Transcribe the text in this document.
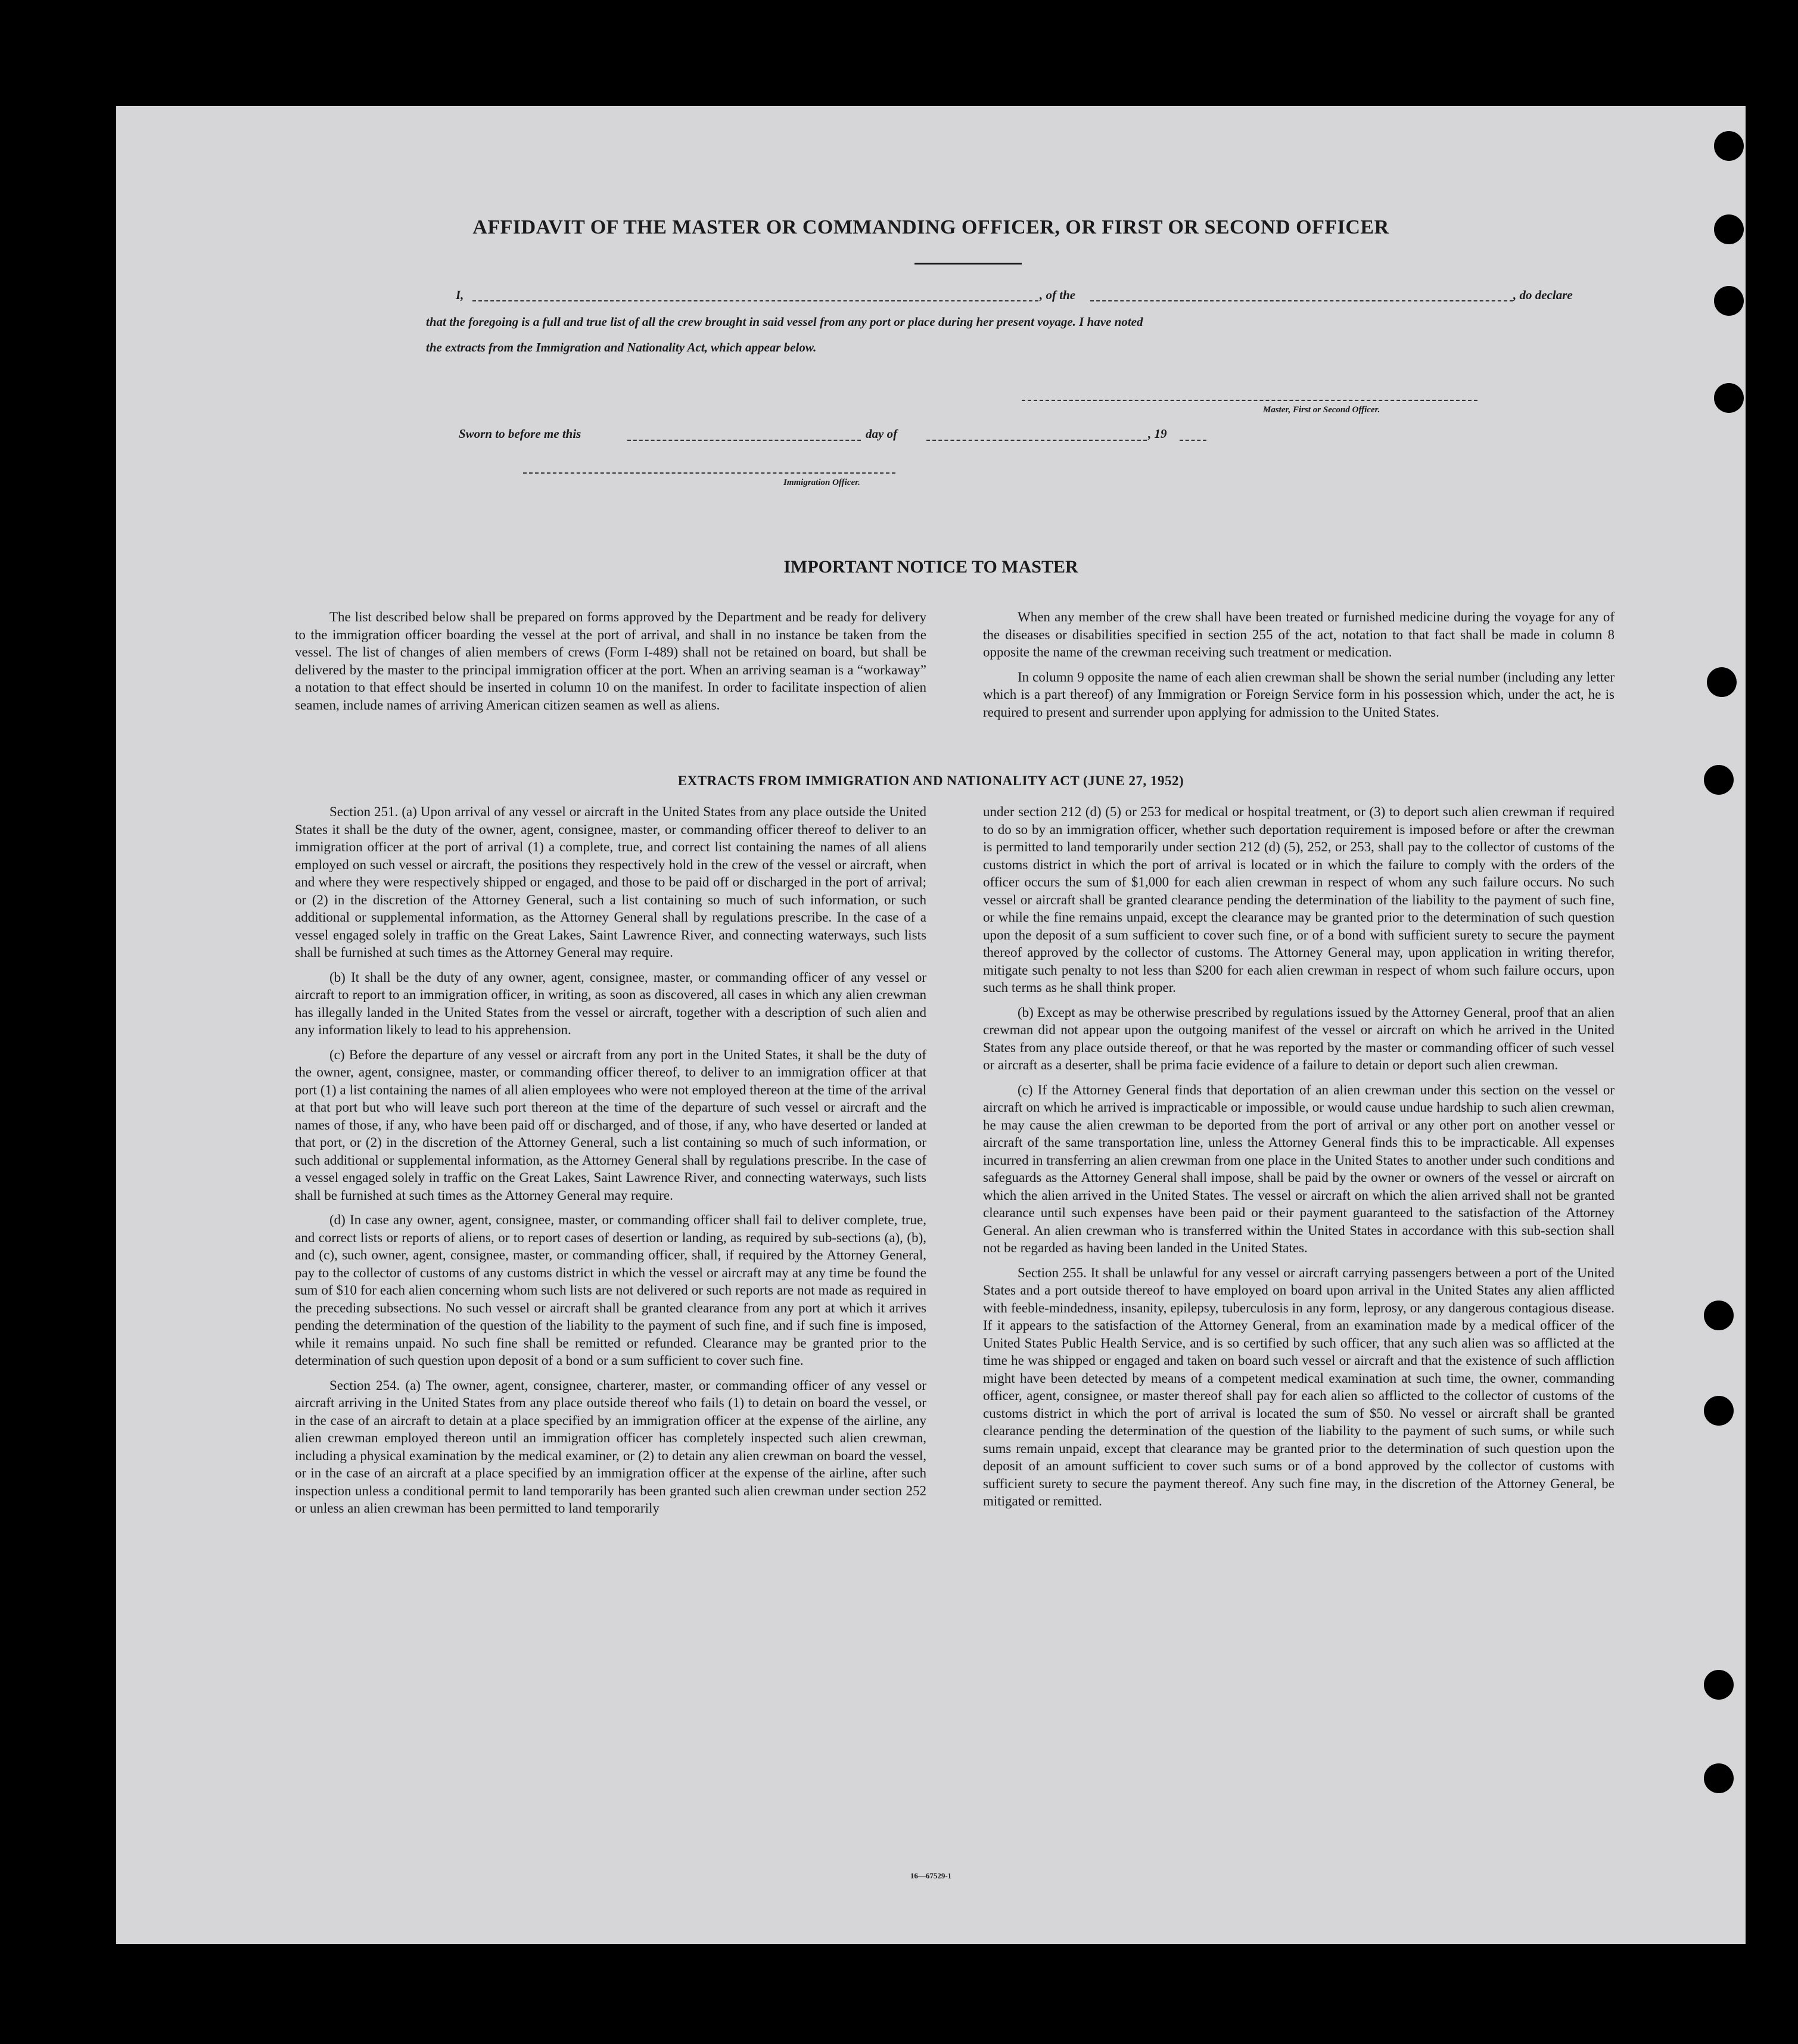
AFFIDAVIT OF THE MASTER OR COMMANDING OFFICER, OR FIRST OR SECOND OFFICER
I,	, of the	, do declare
that the foregoing is a full and true list of all the crew brought in said vessel from any port or place during her present voyage. I have noted
the extracts from the Immigration and Nationality Act, which appear below.
Master, First or Second Officer.
Sworn to before me this	day of	, 19
Immigration Officer.
IMPORTANT NOTICE TO MASTER

The list described below shall be prepared on forms approved by the Department and be ready for delivery to the immigration officer boarding the vessel at the port of arrival, and shall in no instance be taken from the vessel. The list of changes of alien members of crews (Form I-489) shall not be retained on board, but shall be delivered by the master to the principal immigration officer at the port. When an arriving seaman is a “workaway” a notation to that effect should be inserted in column 10 on the manifest. In order to facilitate inspection of alien seamen, include names of arriving American citizen seamen as well as aliens.

When any member of the crew shall have been treated or furnished medicine during the voyage for any of the diseases or disabilities specified in section 255 of the act, notation to that fact shall be made in column 8 opposite the name of the crewman receiving such treatment or medication.

In column 9 opposite the name of each alien crewman shall be shown the serial number (including any letter which is a part thereof) of any Immigration or Foreign Service form in his possession which, under the act, he is required to present and surrender upon applying for admission to the United States.

EXTRACTS FROM IMMIGRATION AND NATIONALITY ACT (JUNE 27, 1952)

Section 251. (a) Upon arrival of any vessel or aircraft in the United States from any place outside the United States it shall be the duty of the owner, agent, consignee, master, or commanding officer thereof to deliver to an immigration officer at the port of arrival (1) a complete, true, and correct list containing the names of all aliens employed on such vessel or aircraft, the positions they respectively hold in the crew of the vessel or aircraft, when and where they were respectively shipped or engaged, and those to be paid off or discharged in the port of arrival; or (2) in the discretion of the Attorney General, such a list containing so much of such information, or such additional or supplemental information, as the Attorney General shall by regulations prescribe. In the case of a vessel engaged solely in traffic on the Great Lakes, Saint Lawrence River, and connecting waterways, such lists shall be furnished at such times as the Attorney General may require.

(b) It shall be the duty of any owner, agent, consignee, master, or commanding officer of any vessel or aircraft to report to an immigration officer, in writing, as soon as discovered, all cases in which any alien crewman has illegally landed in the United States from the vessel or aircraft, together with a description of such alien and any information likely to lead to his apprehension.

(c) Before the departure of any vessel or aircraft from any port in the United States, it shall be the duty of the owner, agent, consignee, master, or commanding officer thereof, to deliver to an immigration officer at that port (1) a list containing the names of all alien employees who were not employed thereon at the time of the arrival at that port but who will leave such port thereon at the time of the departure of such vessel or aircraft and the names of those, if any, who have been paid off or discharged, and of those, if any, who have deserted or landed at that port, or (2) in the discretion of the Attorney General, such a list containing so much of such information, or such additional or supplemental information, as the Attorney General shall by regulations prescribe. In the case of a vessel engaged solely in traffic on the Great Lakes, Saint Lawrence River, and connecting waterways, such lists shall be furnished at such times as the Attorney General may require.

(d) In case any owner, agent, consignee, master, or commanding officer shall fail to deliver complete, true, and correct lists or reports of aliens, or to report cases of desertion or landing, as required by sub-sections (a), (b), and (c), such owner, agent, consignee, master, or commanding officer, shall, if required by the Attorney General, pay to the collector of customs of any customs district in which the vessel or aircraft may at any time be found the sum of $10 for each alien concerning whom such lists are not delivered or such reports are not made as required in the preceding subsections. No such vessel or aircraft shall be granted clearance from any port at which it arrives pending the determination of the question of the liability to the payment of such fine, and if such fine is imposed, while it remains unpaid. No such fine shall be remitted or refunded. Clearance may be granted prior to the determination of such question upon deposit of a bond or a sum sufficient to cover such fine.

Section 254. (a) The owner, agent, consignee, charterer, master, or commanding officer of any vessel or aircraft arriving in the United States from any place outside thereof who fails (1) to detain on board the vessel, or in the case of an aircraft to detain at a place specified by an immigration officer at the expense of the airline, any alien crewman employed thereon until an immigration officer has completely inspected such alien crewman, including a physical examination by the medical examiner, or (2) to detain any alien crewman on board the vessel, or in the case of an aircraft at a place specified by an immigration officer at the expense of the airline, after such inspection unless a conditional permit to land temporarily has been granted such alien crewman under section 252 or unless an alien crewman has been permitted to land temporarily

under section 212 (d) (5) or 253 for medical or hospital treatment, or (3) to deport such alien crewman if required to do so by an immigration officer, whether such deportation requirement is imposed before or after the crewman is permitted to land temporarily under section 212 (d) (5), 252, or 253, shall pay to the collector of customs of the customs district in which the port of arrival is located or in which the failure to comply with the orders of the officer occurs the sum of $1,000 for each alien crewman in respect of whom any such failure occurs. No such vessel or aircraft shall be granted clearance pending the determination of the liability to the payment of such fine, or while the fine remains unpaid, except the clearance may be granted prior to the determination of such question upon the deposit of a sum sufficient to cover such fine, or of a bond with sufficient surety to secure the payment thereof approved by the collector of customs. The Attorney General may, upon application in writing therefor, mitigate such penalty to not less than $200 for each alien crewman in respect of whom such failure occurs, upon such terms as he shall think proper.

(b) Except as may be otherwise prescribed by regulations issued by the Attorney General, proof that an alien crewman did not appear upon the outgoing manifest of the vessel or aircraft on which he arrived in the United States from any place outside thereof, or that he was reported by the master or commanding officer of such vessel or aircraft as a deserter, shall be prima facie evidence of a failure to detain or deport such alien crewman.

(c) If the Attorney General finds that deportation of an alien crewman under this section on the vessel or aircraft on which he arrived is impracticable or impossible, or would cause undue hardship to such alien crewman, he may cause the alien crewman to be deported from the port of arrival or any other port on another vessel or aircraft of the same transportation line, unless the Attorney General finds this to be impracticable. All expenses incurred in transferring an alien crewman from one place in the United States to another under such conditions and safeguards as the Attorney General shall impose, shall be paid by the owner or owners of the vessel or aircraft on which the alien arrived in the United States. The vessel or aircraft on which the alien arrived shall not be granted clearance until such expenses have been paid or their payment guaranteed to the satisfaction of the Attorney General. An alien crewman who is transferred within the United States in accordance with this sub-section shall not be regarded as having been landed in the United States.

Section 255. It shall be unlawful for any vessel or aircraft carrying passengers between a port of the United States and a port outside thereof to have employed on board upon arrival in the United States any alien afflicted with feeble-mindedness, insanity, epilepsy, tuberculosis in any form, leprosy, or any dangerous contagious disease. If it appears to the satisfaction of the Attorney General, from an examination made by a medical officer of the United States Public Health Service, and is so certified by such officer, that any such alien was so afflicted at the time he was shipped or engaged and taken on board such vessel or aircraft and that the existence of such affliction might have been detected by means of a competent medical examination at such time, the owner, commanding officer, agent, consignee, or master thereof shall pay for each alien so afflicted to the collector of customs of the customs district in which the port of arrival is located the sum of $50. No vessel or aircraft shall be granted clearance pending the determination of the question of the liability to the payment of such sums, or while such sums remain unpaid, except that clearance may be granted prior to the determination of such question upon the deposit of an amount sufficient to cover such sums or of a bond approved by the collector of customs with sufficient surety to secure the payment thereof. Any such fine may, in the discretion of the Attorney General, be mitigated or remitted.

16—67529-1
